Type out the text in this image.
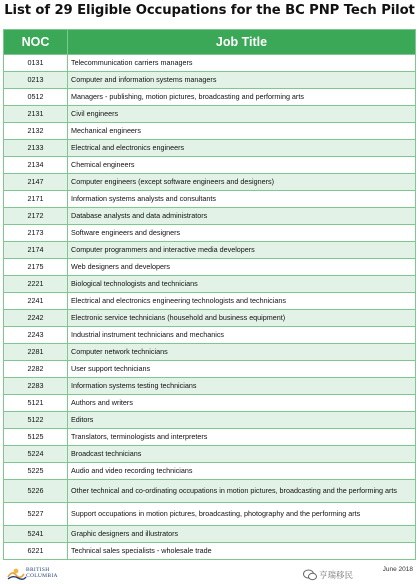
List of 29 Eligible Occupations for the BC PNP Tech Pilot
NOC	Job Title
0131	Telecommunication carriers managers
0213	Computer and information systems managers
0512	Managers - publishing, motion pictures, broadcasting and performing arts
2131	Civil engineers
2132	Mechanical engineers
2133	Electrical and electronics engineers
2134	Chemical engineers
2147	Computer engineers (except software engineers and designers)
2171	Information systems analysts and consultants
2172	Database analysts and data administrators
2173	Software engineers and designers
2174	Computer programmers and interactive media developers
2175	Web designers and developers
2221	Biological technologists and technicians
2241	Electrical and electronics engineering technologists and technicians
2242	Electronic service technicians (household and business equipment)
2243	Industrial instrument technicians and mechanics
2281	Computer network technicians
2282	User support technicians
2283	Information systems testing technicians
5121	Authors and writers
5122	Editors
5125	Translators, terminologists and interpreters
5224	Broadcast technicians
5225	Audio and video recording technicians
5226	Other technical and co-ordinating occupations in motion pictures, broadcasting and the performing arts
5227	Support occupations in motion pictures, broadcasting, photography and the performing arts
5241	Graphic designers and illustrators
6221	Technical sales specialists - wholesale trade
BRITISH
COLUMBIA	亨瑞移民
June 2018
